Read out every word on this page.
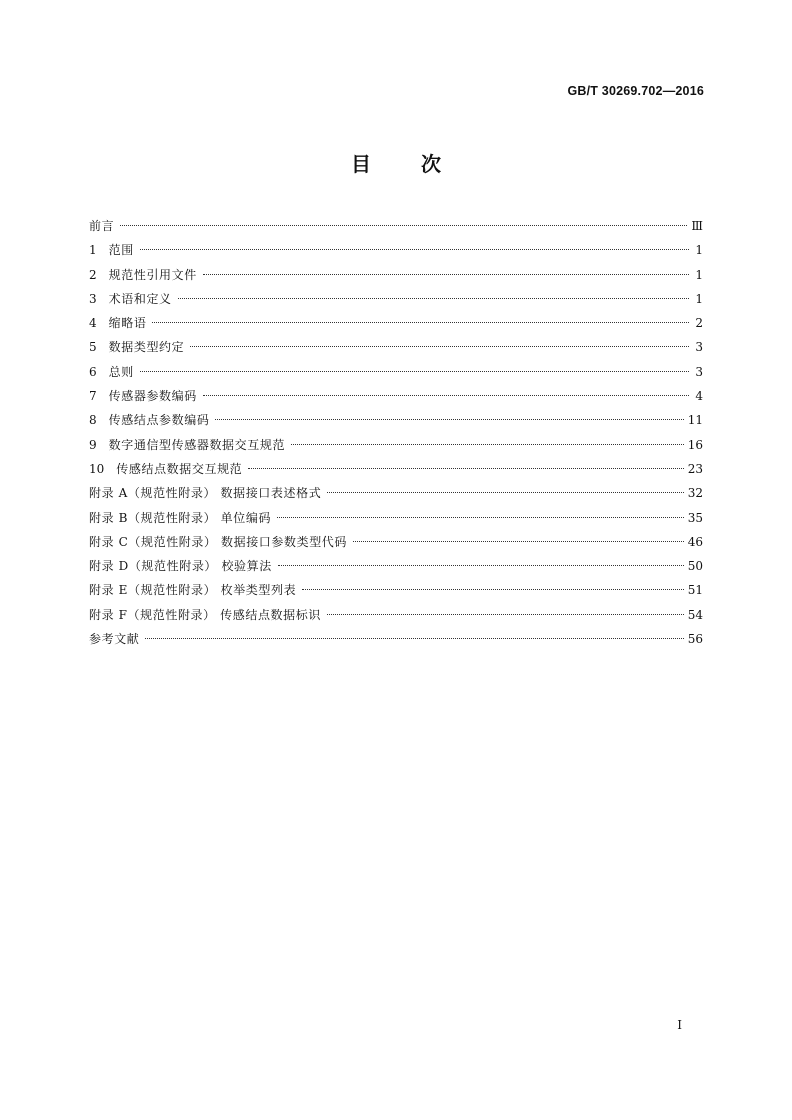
GB/T 30269.702—2016
目	次
前言	Ⅲ
1 范围	1
2 规范性引用文件	1
3 术语和定义	1
4 缩略语	2
5 数据类型约定	3
6 总则	3
7 传感器参数编码	4
8 传感结点参数编码	11
9 数字通信型传感器数据交互规范	16
10 传感结点数据交互规范	23
附录 A（规范性附录） 数据接口表述格式	32
附录 B（规范性附录） 单位编码	35
附录 C（规范性附录） 数据接口参数类型代码	46
附录 D（规范性附录） 校验算法	50
附录 E（规范性附录） 枚举类型列表	51
附录 F（规范性附录） 传感结点数据标识	54
参考文献	56
I
